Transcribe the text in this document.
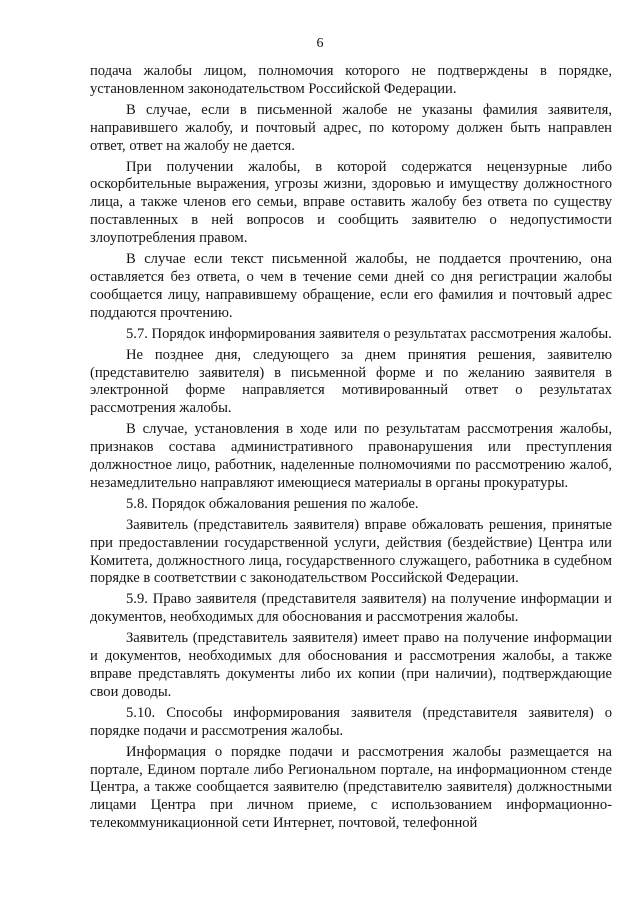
6

подача жалобы лицом, полномочия которого не подтверждены в порядке, установленном законодательством Российской Федерации.

В случае, если в письменной жалобе не указаны фамилия заявителя, направившего жалобу, и почтовый адрес, по которому должен быть направлен ответ, ответ на жалобу не дается.

При получении жалобы, в которой содержатся нецензурные либо оскорбительные выражения, угрозы жизни, здоровью и имуществу должностного лица, а также членов его семьи, вправе оставить жалобу без ответа по существу поставленных в ней вопросов и сообщить заявителю о недопустимости злоупотребления правом.

В случае если текст письменной жалобы, не поддается прочтению, она оставляется без ответа, о чем в течение семи дней со дня регистрации жалобы сообщается лицу, направившему обращение, если его фамилия и почтовый адрес поддаются прочтению.

5.7. Порядок информирования заявителя о результатах рассмотрения жалобы.

Не позднее дня, следующего за днем принятия решения, заявителю (представителю заявителя) в письменной форме и по желанию заявителя в электронной форме направляется мотивированный ответ о результатах рассмотрения жалобы.

В случае, установления в ходе или по результатам рассмотрения жалобы, признаков состава административного правонарушения или преступления должностное лицо, работник, наделенные полномочиями по рассмотрению жалоб, незамедлительно направляют имеющиеся материалы в органы прокуратуры.

5.8. Порядок обжалования решения по жалобе.

Заявитель (представитель заявителя) вправе обжаловать решения, принятые при предоставлении государственной услуги, действия (бездействие) Центра или Комитета, должностного лица, государственного служащего, работника в судебном порядке в соответствии с законодательством Российской Федерации.

5.9. Право заявителя (представителя заявителя) на получение информации и документов, необходимых для обоснования и рассмотрения жалобы.

Заявитель (представитель заявителя) имеет право на получение информации и документов, необходимых для обоснования и рассмотрения жалобы, а также вправе представлять документы либо их копии (при наличии), подтверждающие свои доводы.

5.10. Способы информирования заявителя (представителя заявителя) о порядке подачи и рассмотрения жалобы.

Информация о порядке подачи и рассмотрения жалобы размещается на портале, Едином портале либо Региональном портале, на информационном стенде Центра, а также сообщается заявителю (представителю заявителя) должностными лицами Центра при личном приеме, с использованием информационно-телекоммуникационной сети Интернет, почтовой, телефонной
